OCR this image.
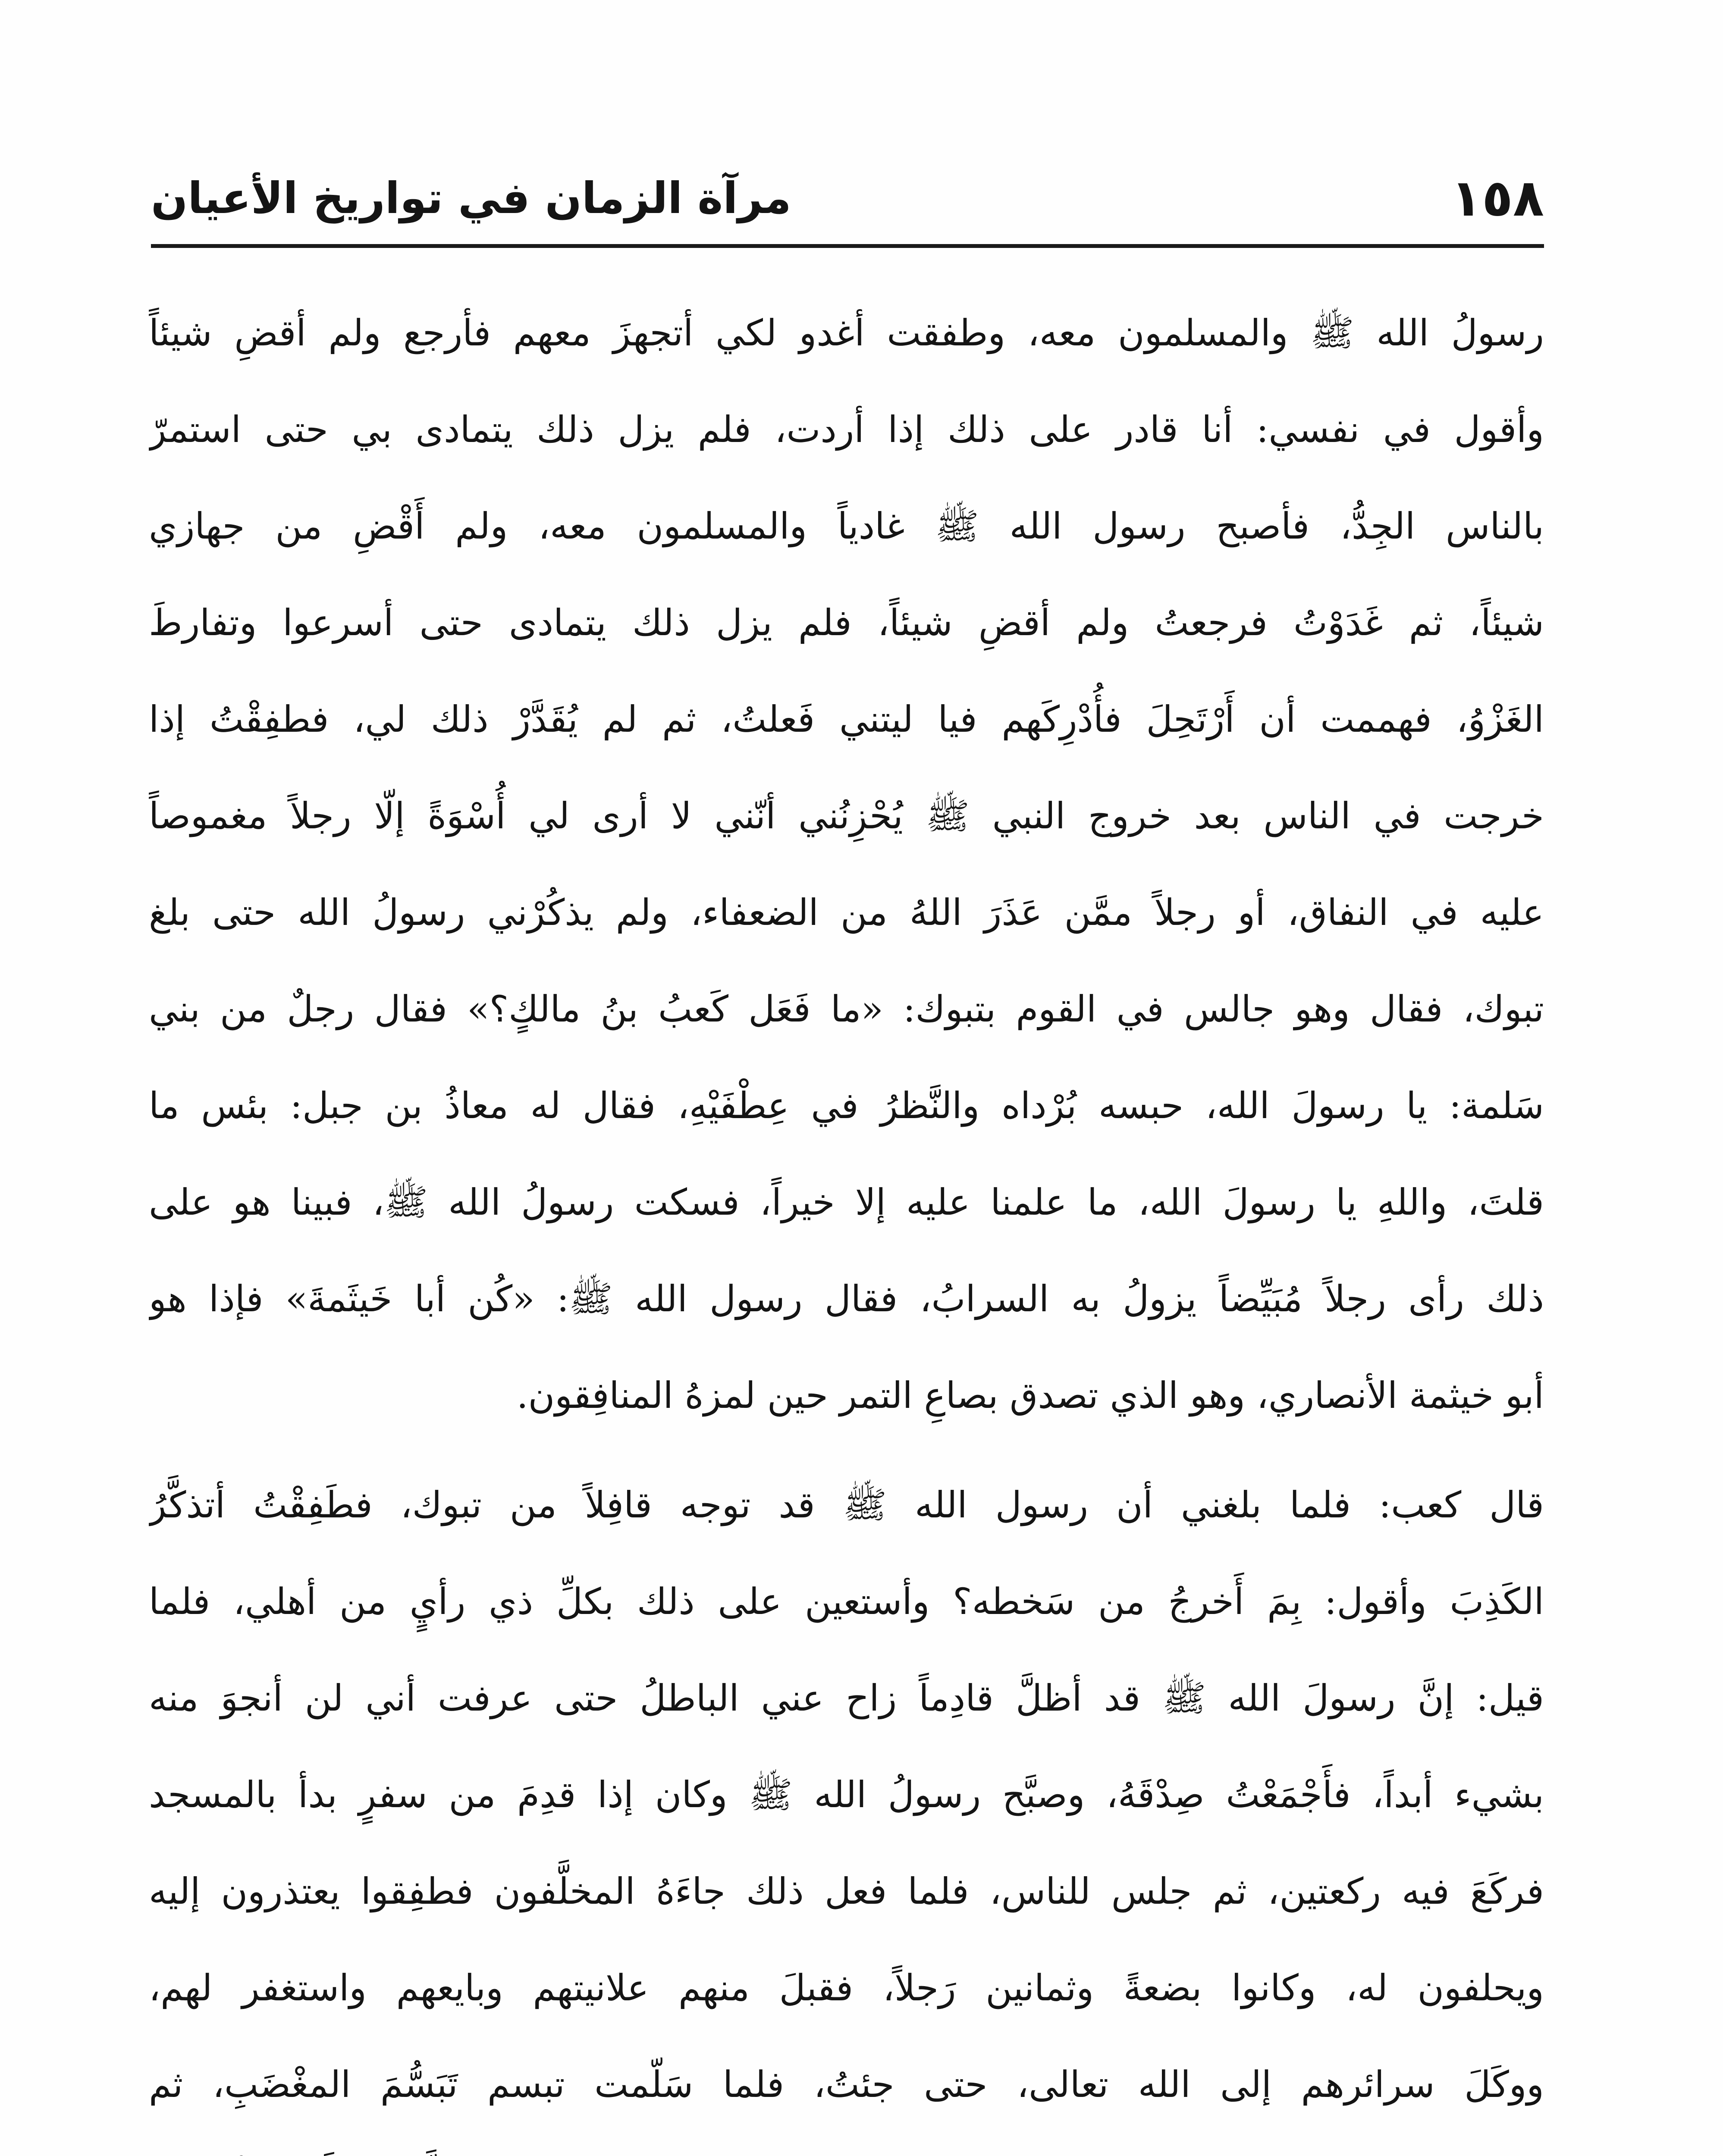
١٥٨
مرآة الزمان في تواريخ الأعيان
رسولُ الله ﷺ والمسلمون معه، وطفقت أغدو لكي أتجهزَ معهم فأرجع ولم أقضِ شيئاً
وأقول في نفسي: أنا قادر على ذلك إذا أردت، فلم يزل ذلك يتمادى بي حتى استمرّ
بالناس الجِدُّ، فأصبح رسول الله ﷺ غادياً والمسلمون معه، ولم أَقْضِ من جهازي
شيئاً، ثم غَدَوْتُ فرجعتُ ولم أقضِ شيئاً، فلم يزل ذلك يتمادى حتى أسرعوا وتفارطَ
الغَزْوُ، فهممت أن أَرْتَحِلَ فأُدْرِكَهم فيا ليتني فَعلتُ، ثم لم يُقَدَّرْ ذلك لي، فطفِقْتُ إذا
خرجت في الناس بعد خروج النبي ﷺ يُحْزِنُني أنّني لا أرى لي أُسْوَةً إلّا رجلاً مغموصاً
عليه في النفاق، أو رجلاً ممَّن عَذَرَ اللهُ من الضعفاء، ولم يذكُرْني رسولُ الله حتى بلغ
تبوك، فقال وهو جالس في القوم بتبوك: «ما فَعَل كَعبُ بنُ مالكٍ؟» فقال رجلٌ من بني
سَلمة: يا رسولَ الله، حبسه بُرْداه والنَّظرُ في عِطْفَيْهِ، فقال له معاذُ بن جبل: بئس ما
قلتَ، واللهِ يا رسولَ الله، ما علمنا عليه إلا خيراً، فسكت رسولُ الله ﷺ، فبينا هو على
ذلك رأى رجلاً مُبَيِّضاً يزولُ به السرابُ، فقال رسول الله ﷺ: «كُن أبا خَيثَمةَ» فإذا هو
أبو خيثمة الأنصاري، وهو الذي تصدق بصاعِ التمر حين لمزهُ المنافِقون.
قال كعب: فلما بلغني أن رسول الله ﷺ قد توجه قافِلاً من تبوك، فطَفِقْتُ أتذكَّرُ
الكَذِبَ وأقول: بِمَ أَخرجُ من سَخطه؟ وأستعين على ذلك بكلِّ ذي رأيٍ من أهلي، فلما
قيل: إنَّ رسولَ الله ﷺ قد أظلَّ قادِماً زاح عني الباطلُ حتى عرفت أني لن أنجوَ منه
بشيء أبداً، فأَجْمَعْتُ صِدْقَهُ، وصبَّح رسولُ الله ﷺ وكان إذا قدِمَ من سفرٍ بدأ بالمسجد
فركَعَ فيه ركعتين، ثم جلس للناس، فلما فعل ذلك جاءَهُ المخلَّفون فطفِقوا يعتذرون إليه
ويحلفون له، وكانوا بضعةً وثمانين رَجلاً، فقبلَ منهم علانيتهم وبايعهم واستغفر لهم،
ووكَلَ سرائرهم إلى الله تعالى، حتى جئتُ، فلما سَلّمت تبسم تَبَسُّمَ المغْضَبِ، ثم
